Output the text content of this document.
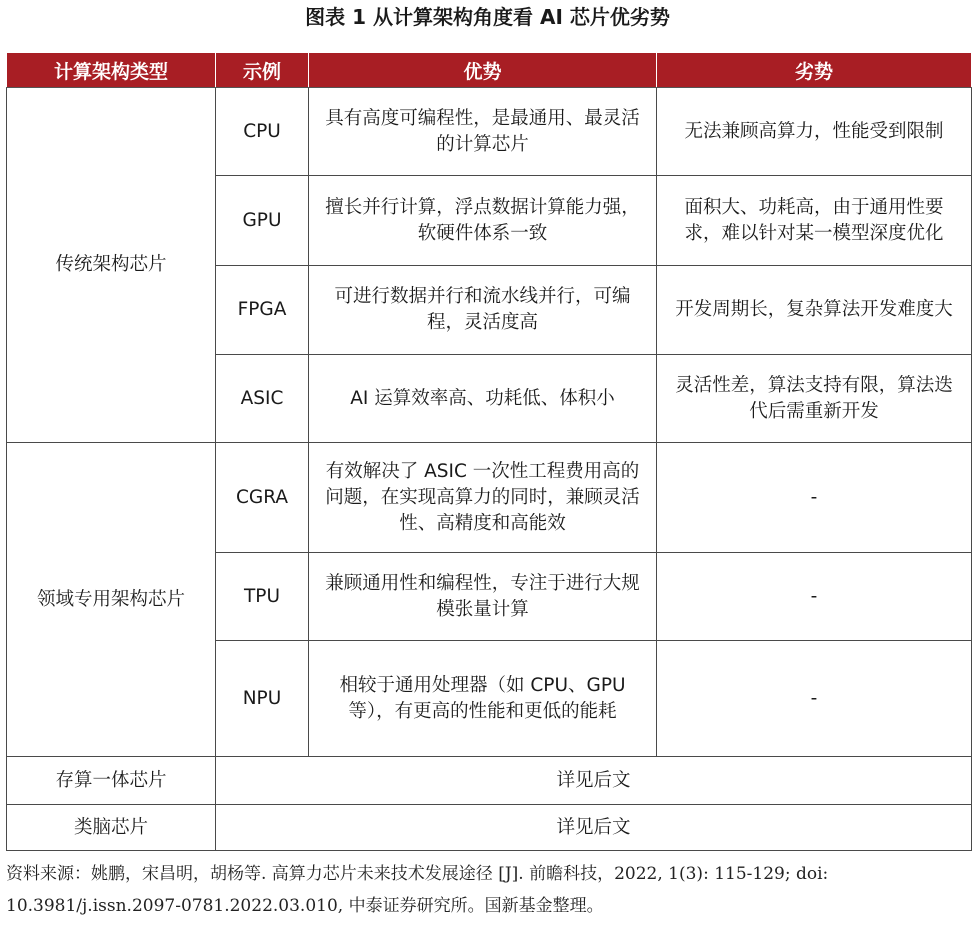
图表 1 从计算架构角度看 AI 芯片优劣势
计算架构类型	示例	优势	劣势
传统架构芯片	CPU	具有高度可编程性，是最通用、最灵活的计算芯片	无法兼顾高算力，性能受到限制
	GPU	擅长并行计算，浮点数据计算能力强，软硬件体系一致	面积大、功耗高，由于通用性要求，难以针对某一模型深度优化
	FPGA	可进行数据并行和流水线并行，可编程，灵活度高	开发周期长，复杂算法开发难度大
	ASIC	AI 运算效率高、功耗低、体积小	灵活性差，算法支持有限，算法迭代后需重新开发
领域专用架构芯片	CGRA	有效解决了 ASIC 一次性工程费用高的问题，在实现高算力的同时，兼顾灵活性、高精度和高能效	-
	TPU	兼顾通用性和编程性，专注于进行大规模张量计算	-
	NPU	相较于通用处理器（如 CPU、GPU 等），有更高的性能和更低的能耗	-
存算一体芯片	详见后文		
类脑芯片	详见后文		
资料来源：姚鹏，宋昌明，胡杨等. 高算力芯片未来技术发展途径 [J]. 前瞻科技，2022, 1(3): 115-129; doi: 10.3981/j.issn.2097-0781.2022.03.010, 中泰证券研究所。国新基金整理。
